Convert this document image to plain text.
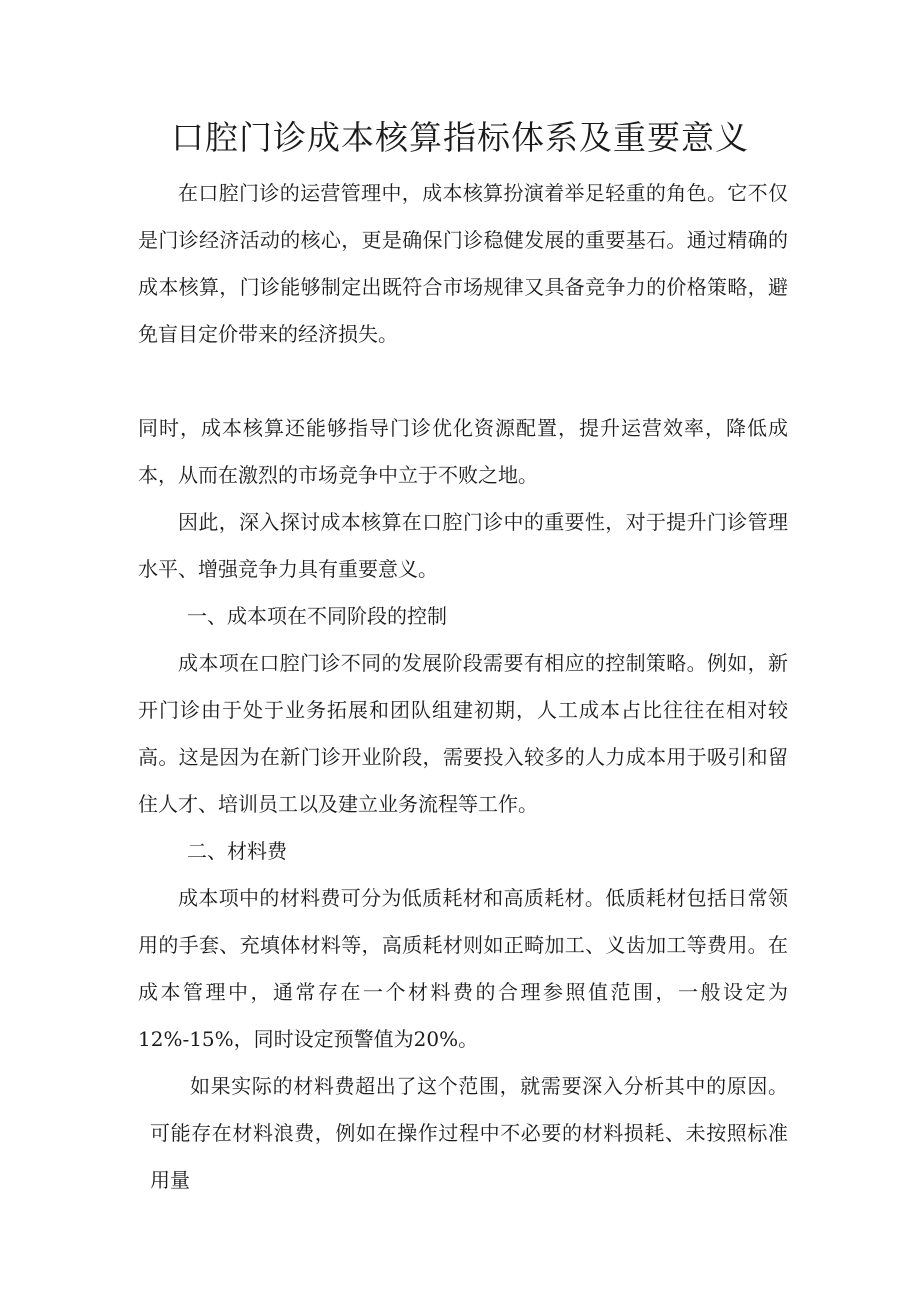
口腔门诊成本核算指标体系及重要意义

在口腔门诊的运营管理中，成本核算扮演着举足轻重的角色。它不仅是门诊经济活动的核心，更是确保门诊稳健发展的重要基石。通过精确的成本核算，门诊能够制定出既符合市场规律又具备竞争力的价格策略，避免盲目定价带来的经济损失。

同时，成本核算还能够指导门诊优化资源配置，提升运营效率，降低成本，从而在激烈的市场竞争中立于不败之地。

因此，深入探讨成本核算在口腔门诊中的重要性，对于提升门诊管理水平、增强竞争力具有重要意义。

一、成本项在不同阶段的控制

成本项在口腔门诊不同的发展阶段需要有相应的控制策略。例如，新开门诊由于处于业务拓展和团队组建初期，人工成本占比往往在相对较高。这是因为在新门诊开业阶段，需要投入较多的人力成本用于吸引和留住人才、培训员工以及建立业务流程等工作。

二、材料费

成本项中的材料费可分为低质耗材和高质耗材。低质耗材包括日常领用的手套、充填体材料等，高质耗材则如正畸加工、义齿加工等费用。在成本管理中，通常存在一个材料费的合理参照值范围，一般设定为12%-15%，同时设定预警值为20%。

如果实际的材料费超出了这个范围，就需要深入分析其中的原因。可能存在材料浪费，例如在操作过程中不必要的材料损耗、未按照标准用量
